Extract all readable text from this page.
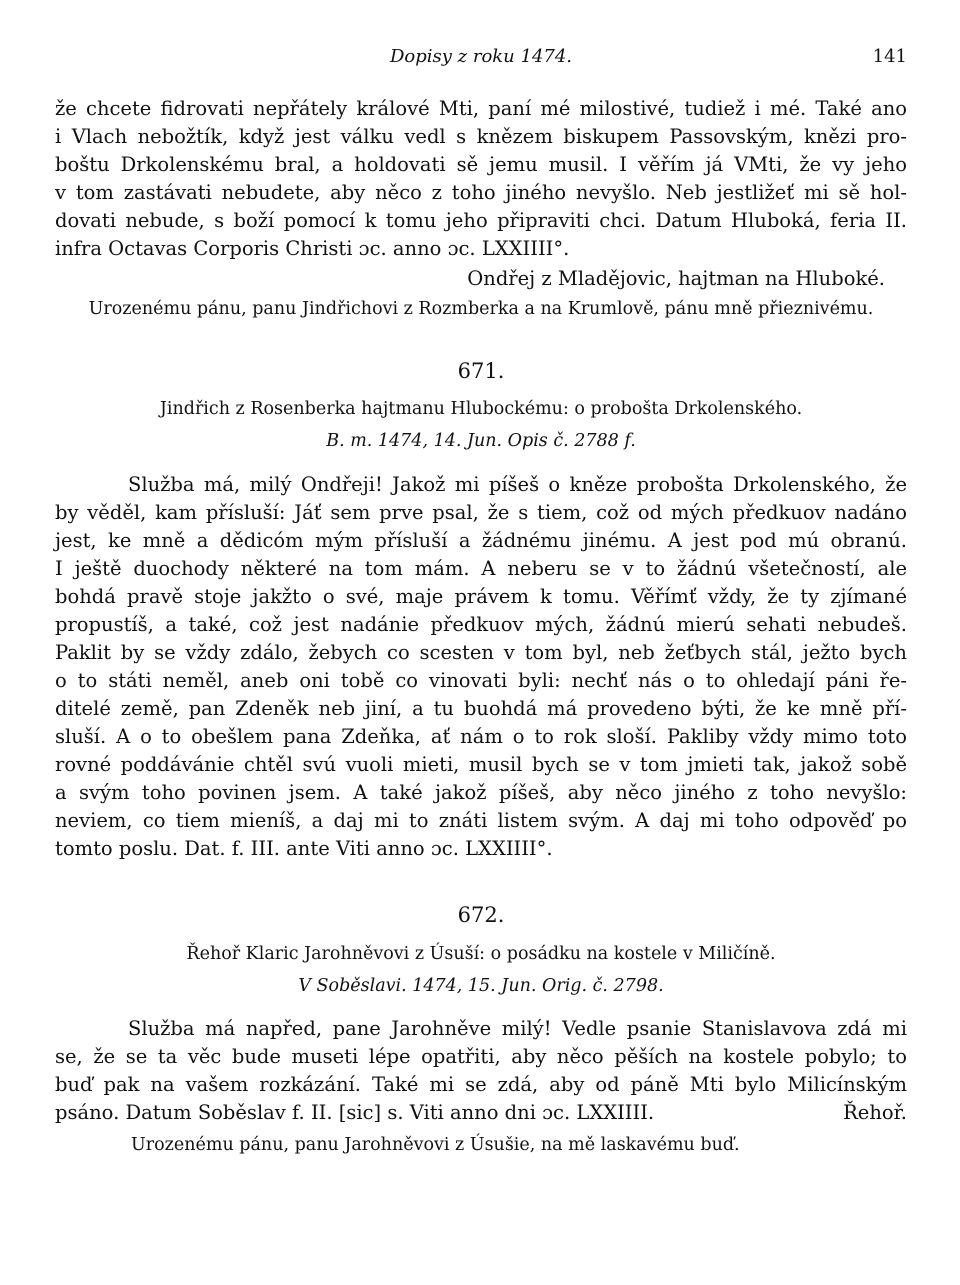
Dopisy z roku 1474.	141
že chcete fidrovati nepřátely králové Mti, paní mé milostivé, tudiež i mé. Také ano
i Vlach nebožtík, když jest válku vedl s knězem biskupem Passovským, knězi pro-
boštu Drkolenskému bral, a holdovati sě jemu musil. I věřím já VMti, že vy jeho
v tom zastávati nebudete, aby něco z toho jiného nevyšlo. Neb jestližeť mi sě hol-
dovati nebude, s boží pomocí k tomu jeho připraviti chci. Datum Hluboká, feria II.
infra Octavas Corporis Christi ɔc. anno ɔc. LXXIIII°.
Ondřej z Mladějovic, hajtman na Hluboké.
Urozenému pánu, panu Jindřichovi z Rozmberka a na Krumlově, pánu mně přieznivému.
671.
Jindřich z Rosenberka hajtmanu Hlubockému: o probošta Drkolenského.
B. m. 1474, 14. Jun. Opis č. 2788 f.
Služba má, milý Ondřeji! Jakož mi píšeš o kněze probošta Drkolenského, že
by věděl, kam přísluší: Jáť sem prve psal, že s tiem, což od mých předkuov nadáno
jest, ke mně a dědicóm mým přísluší a žádnému jinému. A jest pod mú obranú.
I ještě duochody některé na tom mám. A neberu se v to žádnú všetečností, ale
bohdá pravě stoje jakžto o své, maje právem k tomu. Věřímť vždy, že ty zjímané
propustíš, a také, což jest nadánie předkuov mých, žádnú mierú sehati nebudeš.
Paklit by se vždy zdálo, žebych co scesten v tom byl, neb žeťbych stál, ježto bych
o to státi neměl, aneb oni tobě co vinovati byli: nechť nás o to ohledají páni ře-
ditelé země, pan Zdeněk neb jiní, a tu buohdá má provedeno býti, že ke mně pří-
sluší. A o to obešlem pana Zdeňka, ať nám o to rok sloší. Pakliby vždy mimo toto
rovné poddávánie chtěl svú vuoli mieti, musil bych se v tom jmieti tak, jakož sobě
a svým toho povinen jsem. A také jakož píšeš, aby něco jiného z toho nevyšlo:
neviem, co tiem mieníš, a daj mi to znáti listem svým. A daj mi toho odpověď po
tomto poslu. Dat. f. III. ante Viti anno ɔc. LXXIIII°.
672.
Řehoř Klaric Jarohněvovi z Úsuší: o posádku na kostele v Miličíně.
V Soběslavi. 1474, 15. Jun. Orig. č. 2798.
Služba má napřed, pane Jarohněve milý! Vedle psanie Stanislavova zdá mi
se, že se ta věc bude museti lépe opatřiti, aby něco pěších na kostele pobylo; to
buď pak na vašem rozkázání. Také mi se zdá, aby od páně Mti bylo Milicínským
psáno. Datum Soběslav f. II. [sic] s. Viti anno dni ɔc. LXXIIII.	Řehoř.
Urozenému pánu, panu Jarohněvovi z Úsušie, na mě laskavému buď.
